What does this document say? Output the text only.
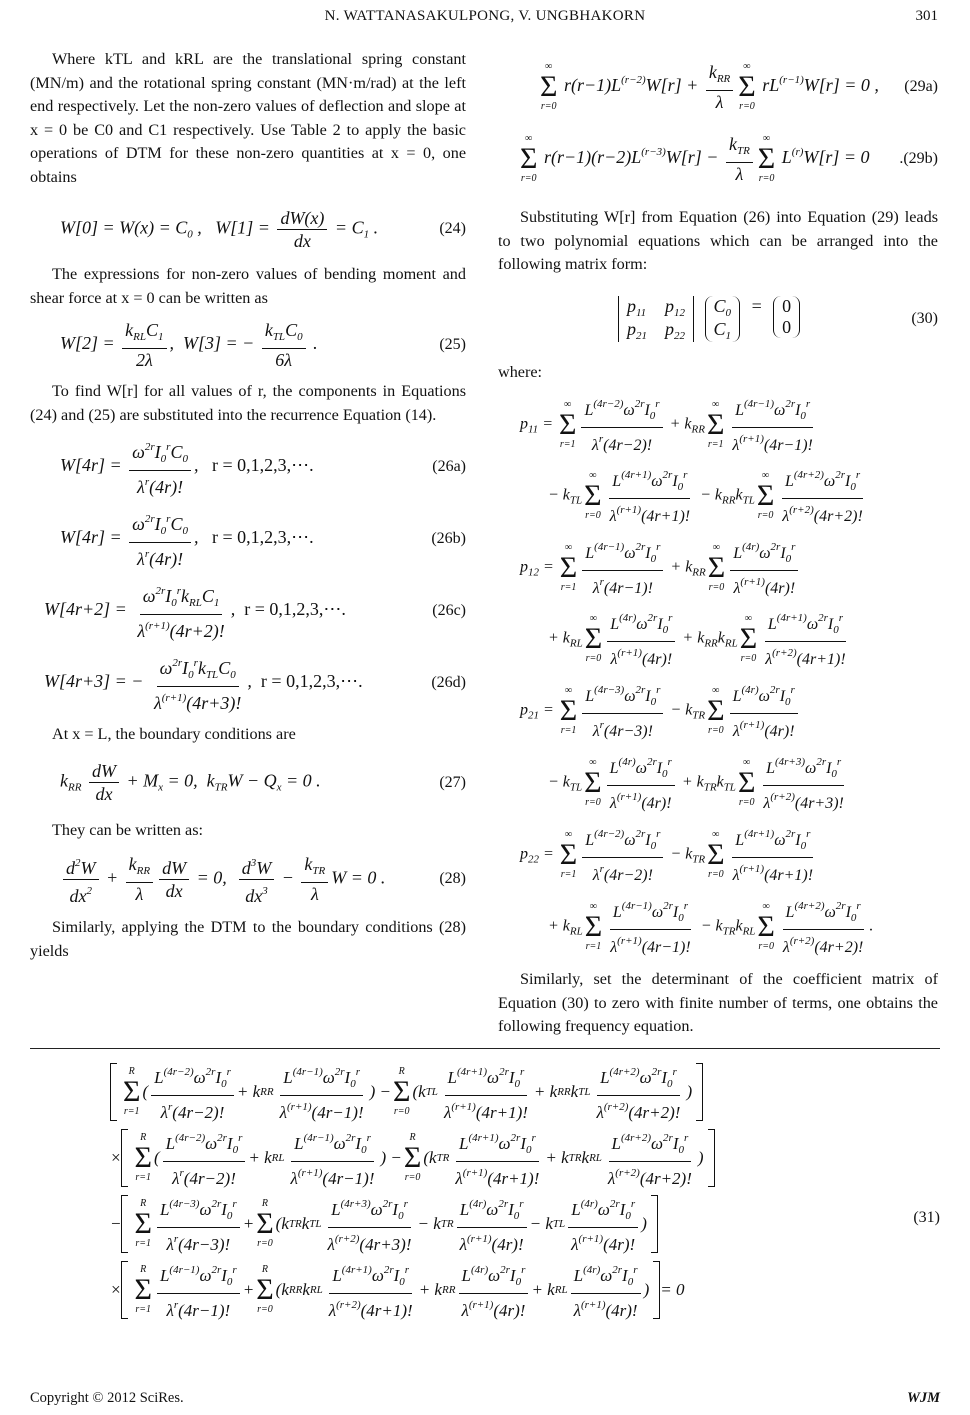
N. WATTANASAKULPONG, V. UNGBHAKORN	301

Where kTL and kRL are the translational spring constant (MN/m) and the rotational spring constant (MN·m/rad) at the left end respectively. Let the non-zero values of deflection and slope at x = 0 be C0 and C1 respectively. Use Table 2 to apply the basic operations of DTM for these non-zero quantities at x = 0, one obtains

$W[0] = W(x) = C_0$ ,   $W[1] = \frac{dW(x)}{dx} = C_1$ .	(24)

The expressions for non-zero values of bending moment and shear force at x = 0 can be written as

$W[2] = \frac{k_{RL}C_1}{2\lambda}$ ,  W[3] = − $\frac{k_{TL}C_0}{6\lambda}$ .	(25)

To find W[r] for all values of r, the components in Equations (24) and (25) are substituted into the recurrence Equation (14).

$W[4r] = \frac{\omega^{2r}I_0^rC_0}{\lambda^r(4r)!}$ ,   r = 0,1,2,3,⋯.	(26a)
$W[4r] = \frac{\omega^{2r}I_0^rC_0}{\lambda^r(4r)!}$ ,   r = 0,1,2,3,⋯.	(26b)
$W[4r+2] = \frac{\omega^{2r}I_0^rk_{RL}C_1}{\lambda^{(r+1)}(4r+2)!}$ ,  r = 0,1,2,3,⋯.	(26c)
W[4r+3] = − $\frac{\omega^{2r}I_0^rk_{TL}C_0}{\lambda^{(r+1)}(4r+3)!}$ ,  r = 0,1,2,3,⋯.	(26d)

At x = L, the boundary conditions are

$k_{RR} \frac{dW}{dx} + M_x = 0$,  $k_{TR}W - Q_x = 0$ .	(27)

They can be written as:

$\frac{d^2W}{dx^2} + \frac{k_{RR}}{\lambda} \frac{dW}{dx} = 0$, $\frac{d^3W}{dx^3} - \frac{k_{TR}}{\lambda}$ W = 0 .	(28)

Similarly, applying the DTM to the boundary conditions (28) yields

∞
Σ
r=0
$r(r-1)L^{(r-2)}W[r] + \frac{k_{RR}}{\lambda}$ ∞
Σ
r=0
$rL^{(r-1)}W[r] = 0$ ,	(29a)
∞
Σ
r=0
$r(r-1)(r-2)L^{(r-3)}W[r] - \frac{k_{TR}}{\lambda}$ ∞
Σ
r=0
$L^{(r)}W[r] = 0$	.(29b)

Substituting W[r] from Equation (26) into Equation (29) leads to two polynomial equations which can be arranged into the following matrix form:

$p_{11}$ $p_{12}$
$p_{21}$ $p_{22}$

$C_0$
$C_1$
= 0
0	(30)

where:

$p_{11}$ =
∞
Σ
$r=1 \frac{L^{(4r-2)}\omega^{2r}I_0^r}{\lambda^r(4r-2)!} + k_{RR}$
∞
Σ
$r=1 \frac{L^{(4r-1)}\omega^{2r}I_0^r}{\lambda^{(r+1)}(4r-1)!}$
− $k_{TL}$
∞
Σ
$r=0 \frac{L^{(4r+1)}\omega^{2r}I_0^r}{\lambda^{(r+1)}(4r+1)!} - k_{RR}k_{TL}$
∞
Σ
$r=0 \frac{L^{(4r+2)}\omega^{2r}I_0^r}{\lambda^{(r+2)}(4r+2)!}$
$p_{12}$ =
∞
Σ
$r=1 \frac{L^{(4r-1)}\omega^{2r}I_0^r}{\lambda^r(4r-1)!} + k_{RR}$
∞
Σ
$r=0 \frac{L^{(4r)}\omega^{2r}I_0^r}{\lambda^{(r+1)}(4r)!}$
+ $k_{RL}$
∞
Σ
$r=0 \frac{L^{(4r)}\omega^{2r}I_0^r}{\lambda^{(r+1)}(4r)!} + k_{RR}k_{RL}$
∞
Σ
$r=0 \frac{L^{(4r+1)}\omega^{2r}I_0^r}{\lambda^{(r+2)}(4r+1)!}$
$p_{21}$ =
∞
Σ
$r=1 \frac{L^{(4r-3)}\omega^{2r}I_0^r}{\lambda^r(4r-3)!} - k_{TR}$
∞
Σ
$r=0 \frac{L^{(4r)}\omega^{2r}I_0^r}{\lambda^{(r+1)}(4r)!}$
− $k_{TL}$
∞
Σ
$r=0 \frac{L^{(4r)}\omega^{2r}I_0^r}{\lambda^{(r+1)}(4r)!} + k_{TR}k_{TL}$
∞
Σ
$r=0 \frac{L^{(4r+3)}\omega^{2r}I_0^r}{\lambda^{(r+2)}(4r+3)!}$
$p_{22}$ =
∞
Σ
$r=1 \frac{L^{(4r-2)}\omega^{2r}I_0^r}{\lambda^r(4r-2)!} - k_{TR}$
∞
Σ
$r=0 \frac{L^{(4r+1)}\omega^{2r}I_0^r}{\lambda^{(r+1)}(4r+1)!}$
+ $k_{RL}$
∞
Σ
$r=1 \frac{L^{(4r-1)}\omega^{2r}I_0^r}{\lambda^{(r+1)}(4r-1)!} - k_{TR}k_{RL}$
∞
Σ
$r=0 \frac{L^{(4r+2)}\omega^{2r}I_0^r}{\lambda^{(r+2)}(4r+2)!}$ .

Similarly, set the determinant of the coefficient matrix of Equation (30) to zero with finite number of terms, one obtains the following frequency equation.

(31)
R
Σ
r=1
( $\frac{L^{(4r-2)}\omega^{2r}I_0^r}{\lambda^r(4r-2)!} + k$ RR $\frac{L^{(4r-1)}\omega^{2r}I_0^r}{\lambda^{(r+1)}(4r-1)!}$ ) −
R
Σ
r=0
(k TL $\frac{L^{(4r+1)}\omega^{2r}I_0^r}{\lambda^{(r+1)}(4r+1)!} + k$ RR k TL $\frac{L^{(4r+2)}\omega^{2r}I_0^r}{\lambda^{(r+2)}(4r+2)!}$ )
×
R
Σ
r=1
( $\frac{L^{(4r-2)}\omega^{2r}I_0^r}{\lambda^r(4r-2)!} + k$ RL $\frac{L^{(4r-1)}\omega^{2r}I_0^r}{\lambda^{(r+1)}(4r-1)!}$ ) −
R
Σ
r=0
(k TR $\frac{L^{(4r+1)}\omega^{2r}I_0^r}{\lambda^{(r+1)}(4r+1)!} + k$ TR k RL $\frac{L^{(4r+2)}\omega^{2r}I_0^r}{\lambda^{(r+2)}(4r+2)!}$ )
−
R
Σ
$r=1 \frac{L^{(4r-3)}\omega^{2r}I_0^r}{\lambda^r(4r-3)!}$ +
R
Σ
r=0
(k TR k TL $\frac{L^{(4r+3)}\omega^{2r}I_0^r}{\lambda^{(r+2)}(4r+3)!} - k$ TR $\frac{L^{(4r)}\omega^{2r}I_0^r}{\lambda^{(r+1)}(4r)!} - k$ TL $\frac{L^{(4r)}\omega^{2r}I_0^r}{\lambda^{(r+1)}(4r)!}$ )
×
R
Σ
$r=1 \frac{L^{(4r-1)}\omega^{2r}I_0^r}{\lambda^r(4r-1)!}$ +
R
Σ
r=0
(k RR k RL $\frac{L^{(4r+1)}\omega^{2r}I_0^r}{\lambda^{(r+2)}(4r+1)!} + k$ RR $\frac{L^{(4r)}\omega^{2r}I_0^r}{\lambda^{(r+1)}(4r)!} + k$ RL $\frac{L^{(4r)}\omega^{2r}I_0^r}{\lambda^{(r+1)}(4r)!}$ )
= 0
Copyright © 2012 SciRes.	WJM
